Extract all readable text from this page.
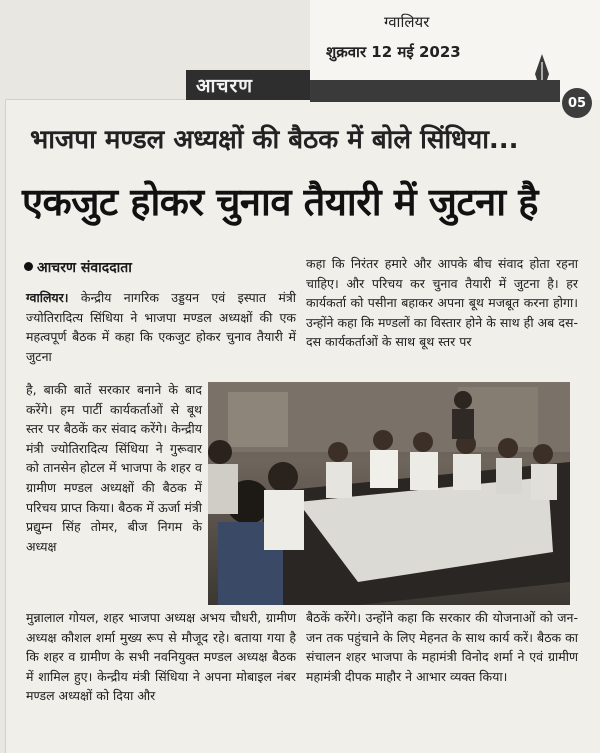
ग्वालियर
शुक्रवार 12 मई 2023
आचरण
05
भाजपा मण्डल अध्यक्षों की बैठक में बोले सिंधिया...
एकजुट होकर चुनाव तैयारी में जुटना है
आचरण संवाददाता
ग्वालियर। केन्द्रीय नागरिक उड्डयन एवं इस्पात मंत्री ज्योतिरादित्य सिंधिया ने भाजपा मण्डल अध्यक्षों की एक महत्वपूर्ण बैठक में कहा कि एकजुट होकर चुनाव तैयारी में जुटना
है, बाकी बातें सरकार बनाने के बाद करेंगे। हम पार्टी कार्यकर्ताओं से बूथ स्तर पर बैठकें कर संवाद करेंगे। केन्द्रीय मंत्री ज्योतिरादित्य सिंधिया ने गुरूवार को तानसेन होटल में भाजपा के शहर व ग्रामीण मण्डल अध्यक्षों की बैठक में परिचय प्राप्त किया। बैठक में ऊर्जा मंत्री प्रद्युम्न सिंह तोमर, बीज निगम के अध्यक्ष
मुन्नालाल गोयल, शहर भाजपा अध्यक्ष अभय चौधरी, ग्रामीण अध्यक्ष कौशल शर्मा मुख्य रूप से मौजूद रहे। बताया गया है कि शहर व ग्रामीण के सभी नवनियुक्त मण्डल अध्यक्ष बैठक में शामिल हुए। केन्द्रीय मंत्री सिंधिया ने अपना मोबाइल नंबर मण्डल अध्यक्षों को दिया और
कहा कि निरंतर हमारे और आपके बीच संवाद होता रहना चाहिए। और परिचय कर चुनाव तैयारी में जुटना है। हर कार्यकर्ता को पसीना बहाकर अपना बूथ मजबूत करना होगा। उन्होंने कहा कि मण्डलों का विस्तार होने के साथ ही अब दस-दस कार्यकर्ताओं के साथ बूथ स्तर पर
बैठकें करेंगे। उन्होंने कहा कि सरकार की योजनाओं को जन-जन तक पहुंचाने के लिए मेहनत के साथ कार्य करें। बैठक का संचालन शहर भाजपा के महामंत्री विनोद शर्मा ने एवं ग्रामीण महामंत्री दीपक माहौर ने आभार व्यक्त किया।
